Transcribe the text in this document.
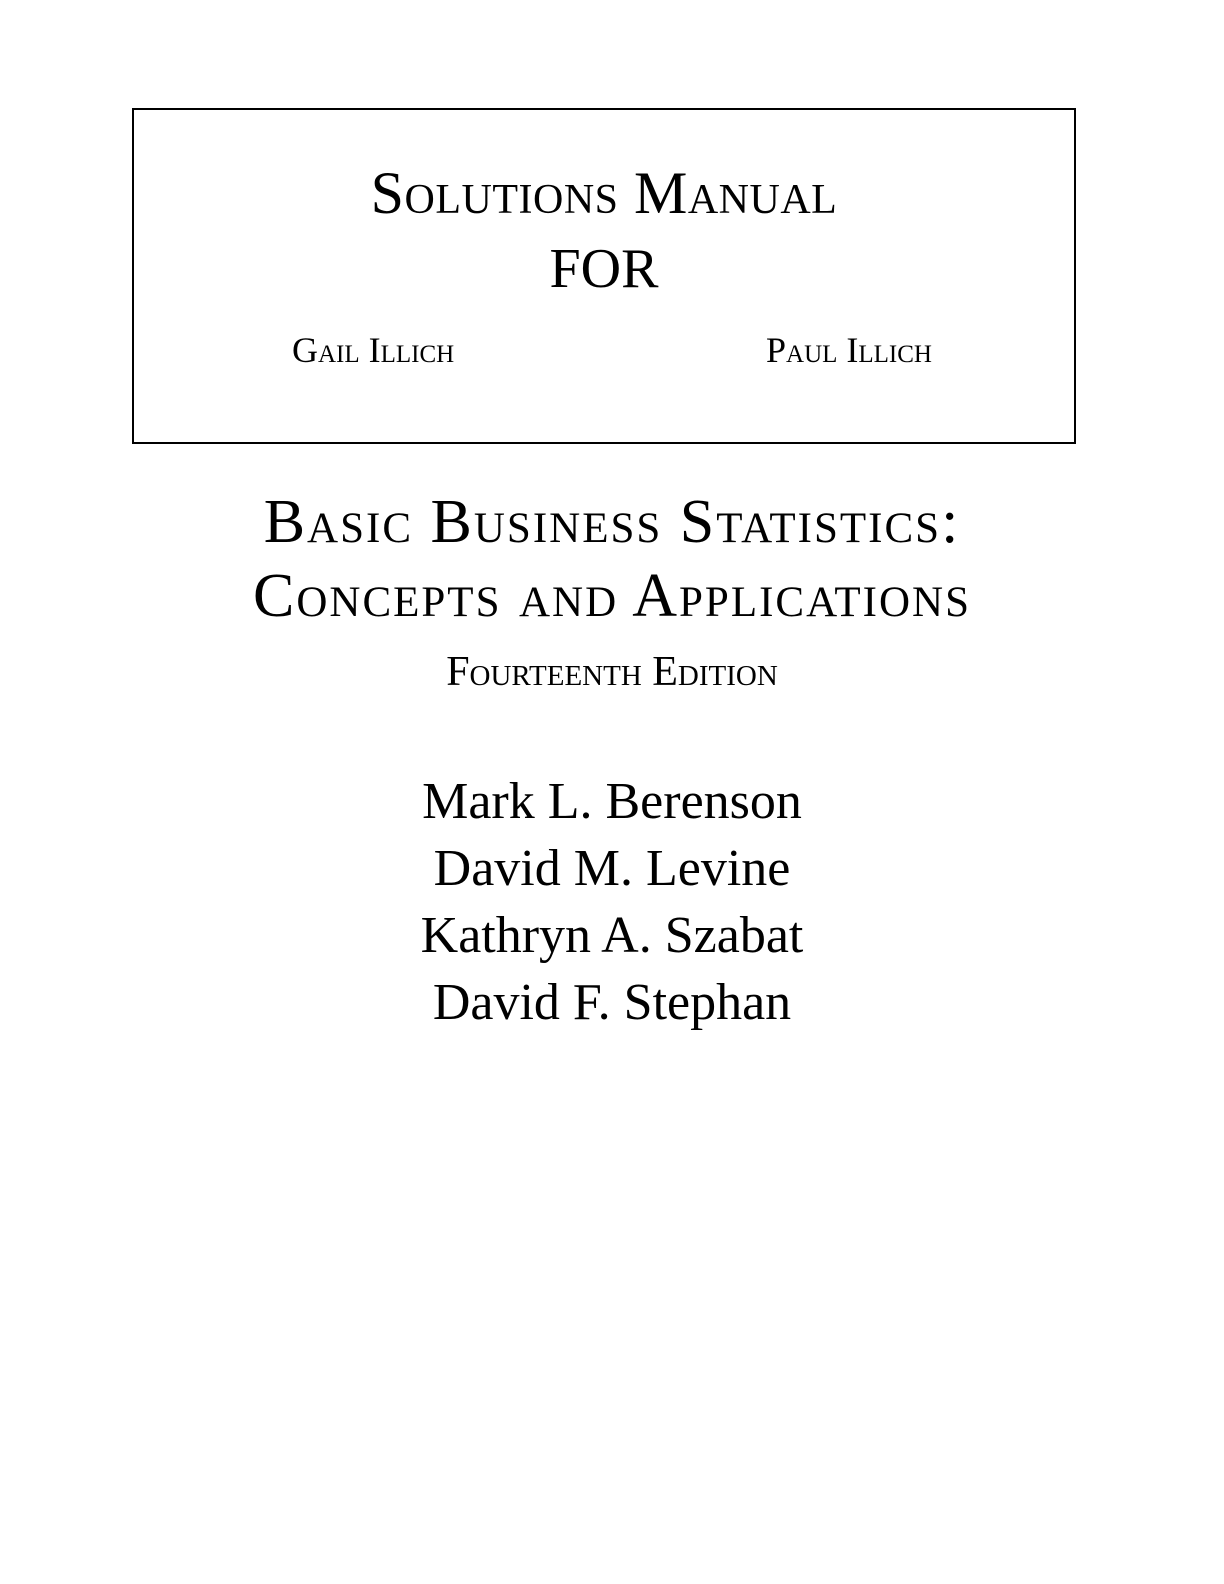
Solutions Manual
FOR
Gail Illich	Paul Illich
Basic Business Statistics:
Concepts and Applications
Fourteenth Edition
Mark L. Berenson
David M. Levine
Kathryn A. Szabat
David F. Stephan
